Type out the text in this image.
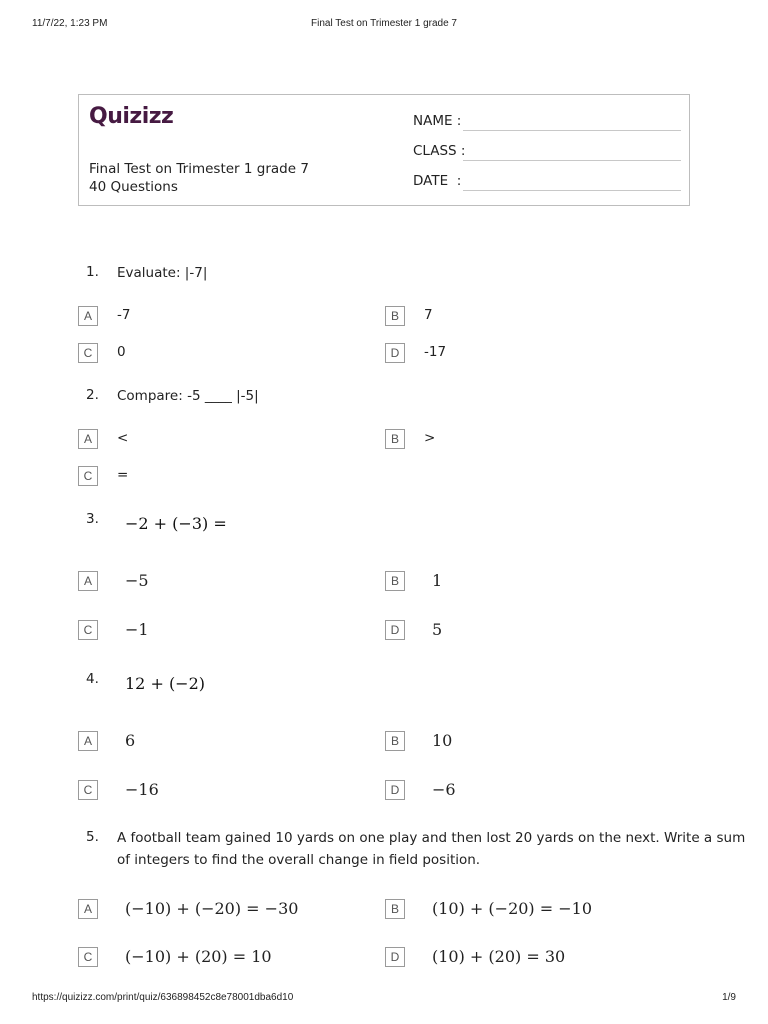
11/7/22, 1:23 PM	Final Test on Trimester 1 grade 7
Quizizz
Final Test on Trimester 1 grade 7
40 Questions
NAME :
CLASS :
DATE  :
1. Evaluate: |-7|
A	-7	B	7
C	0	D	-17
2. Compare: -5 ____ |-5|
A	<	B	>
C	=
3. −2 + (−3) =
A	−5	B	1
C	−1	D	5
4. 12 + (−2)
A	6	B	10
C	−16	D	−6
5. A football team gained 10 yards on one play and then lost 20 yards on the next. Write a sum
of integers to find the overall change in field position.
A	(−10) + (−20) = −30	B	(10) + (−20) = −10
C	(−10) + (20) = 10	D	(10) + (20) = 30
https://quizizz.com/print/quiz/636898452c8e78001dba6d10	1/9
